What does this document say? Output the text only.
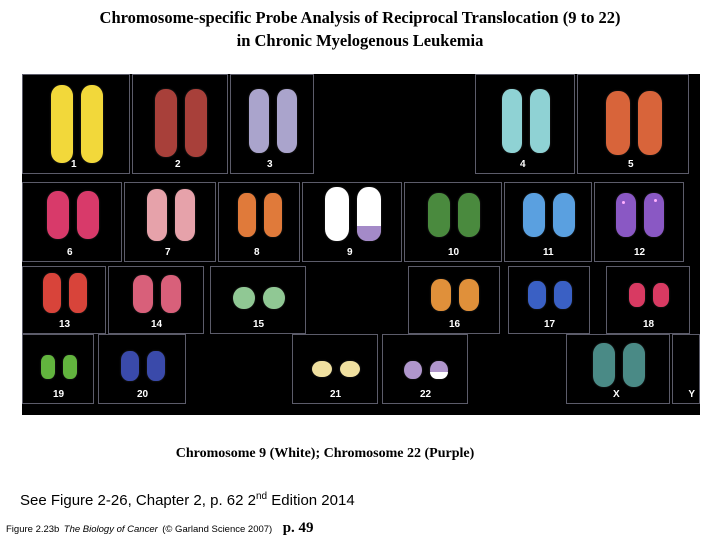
Chromosome-specific Probe Analysis of Reciprocal Translocation (9 to 22)
in Chronic Myelogenous Leukemia
1	2	3	4	5
6	7	8	9	10	11	12
13	14	15	16	17	18
19	20	21	22	X	Y
Chromosome 9 (White); Chromosome 22 (Purple)
See Figure 2-26, Chapter 2, p. 62 2nd Edition 2014
Figure 2.23b The Biology of Cancer (© Garland Science 2007) p. 49
